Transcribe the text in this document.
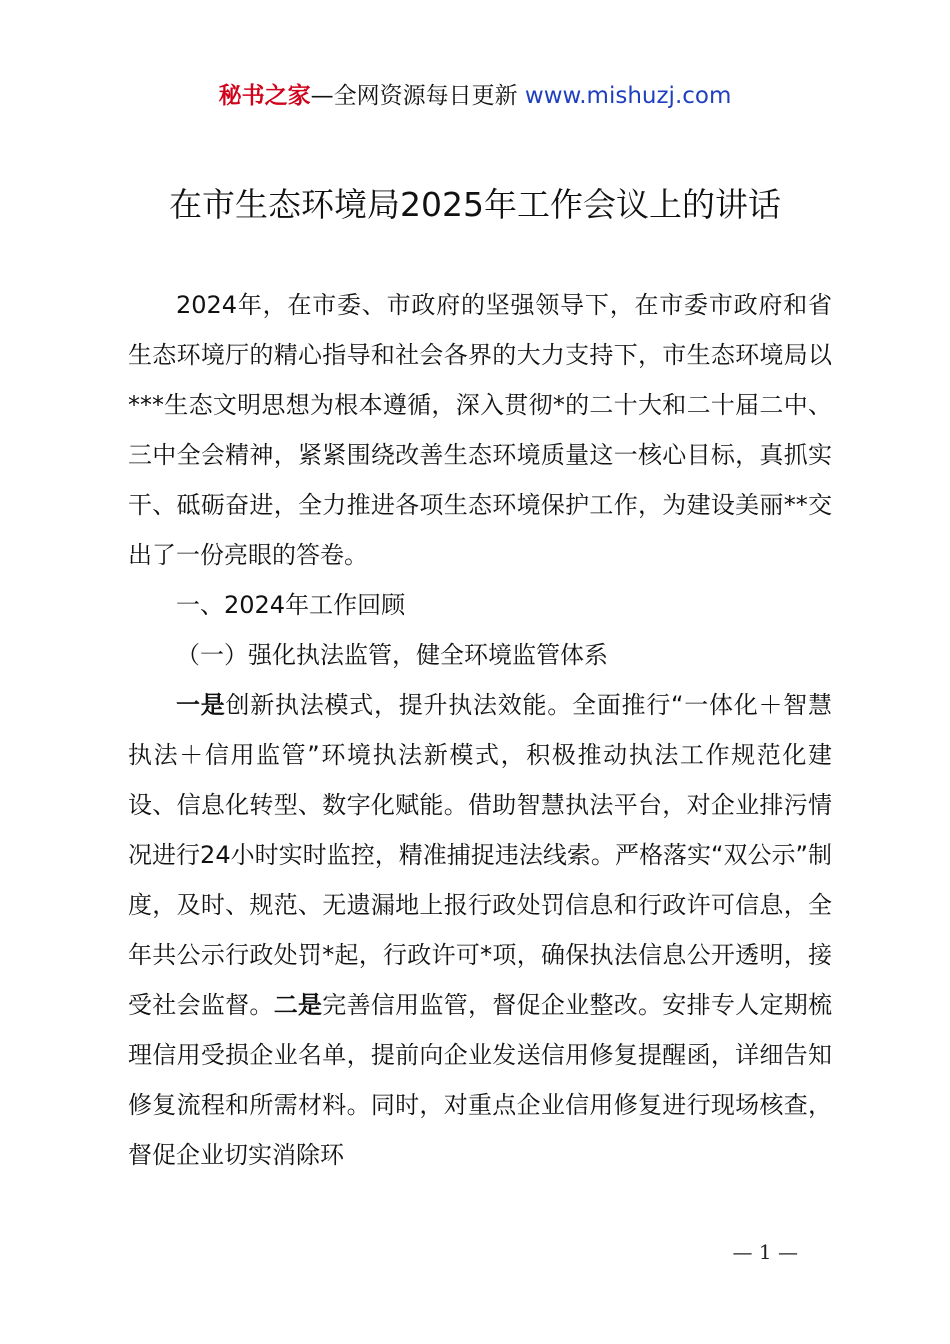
秘书之家—全网资源每日更新 www.mishuzj.com
在市生态环境局2025年工作会议上的讲话

2024年，在市委、市政府的坚强领导下，在市委市政府和省生态环境厅的精心指导和社会各界的大力支持下，市生态环境局以***生态文明思想为根本遵循，深入贯彻*的二十大和二十届二中、三中全会精神，紧紧围绕改善生态环境质量这一核心目标，真抓实干、砥砺奋进，全力推进各项生态环境保护工作，为建设美丽**交出了一份亮眼的答卷。

一、2024年工作回顾

（一）强化执法监管，健全环境监管体系

一是创新执法模式，提升执法效能。全面推行“一体化＋智慧执法＋信用监管”环境执法新模式，积极推动执法工作规范化建设、信息化转型、数字化赋能。借助智慧执法平台，对企业排污情况进行24小时实时监控，精准捕捉违法线索。严格落实“双公示”制度，及时、规范、无遗漏地上报行政处罚信息和行政许可信息，全年共公示行政处罚*起，行政许可*项，确保执法信息公开透明，接受社会监督。二是完善信用监管，督促企业整改。安排专人定期梳理信用受损企业名单，提前向企业发送信用修复提醒函，详细告知修复流程和所需材料。同时，对重点企业信用修复进行现场核查，督促企业切实消除环

— 1 —
